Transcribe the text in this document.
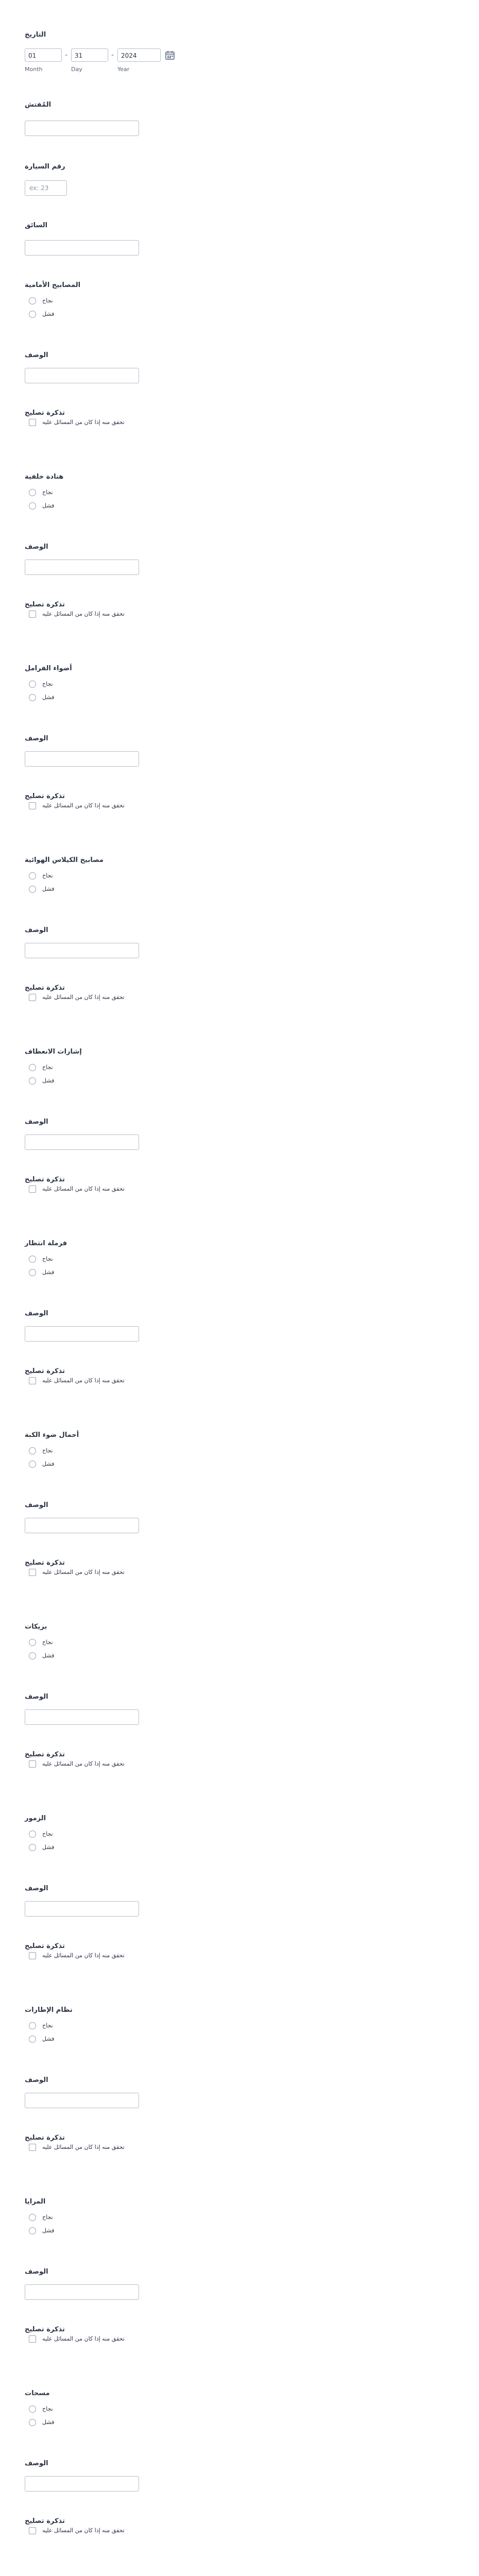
التاريخ
01	-	31	-	2024
Month	Day	Year
المُفتش
رقم السيارة
ex: 23
السائق
المصابيح الأمامية
نجاح
فشل
الوصف
تذكرة تصليح
تحقق منه إذا كان من المسائل عليه
هنادة خلفية
نجاح
فشل
الوصف
تذكرة تصليح
تحقق منه إذا كان من المسائل عليه
أضواء الفرامل
نجاح
فشل
الوصف
تذكرة تصليح
تحقق منه إذا كان من المسائل عليه
مصابيح الكيلاس الهوائية
نجاح
فشل
الوصف
تذكرة تصليح
تحقق منه إذا كان من المسائل عليه
إشارات الانعطاف
نجاح
فشل
الوصف
تذكرة تصليح
تحقق منه إذا كان من المسائل عليه
فرملة انتظار
نجاح
فشل
الوصف
تذكرة تصليح
تحقق منه إذا كان من المسائل عليه
أحمال ضوء الكبة
نجاح
فشل
الوصف
تذكرة تصليح
تحقق منه إذا كان من المسائل عليه
بريكات
نجاح
فشل
الوصف
تذكرة تصليح
تحقق منه إذا كان من المسائل عليه
الزمور
نجاح
فشل
الوصف
تذكرة تصليح
تحقق منه إذا كان من المسائل عليه
نظام الإطارات
نجاح
فشل
الوصف
تذكرة تصليح
تحقق منه إذا كان من المسائل عليه
المرايا
نجاح
فشل
الوصف
تذكرة تصليح
تحقق منه إذا كان من المسائل عليه
مسحات
نجاح
فشل
الوصف
تذكرة تصليح
تحقق منه إذا كان من المسائل عليه
